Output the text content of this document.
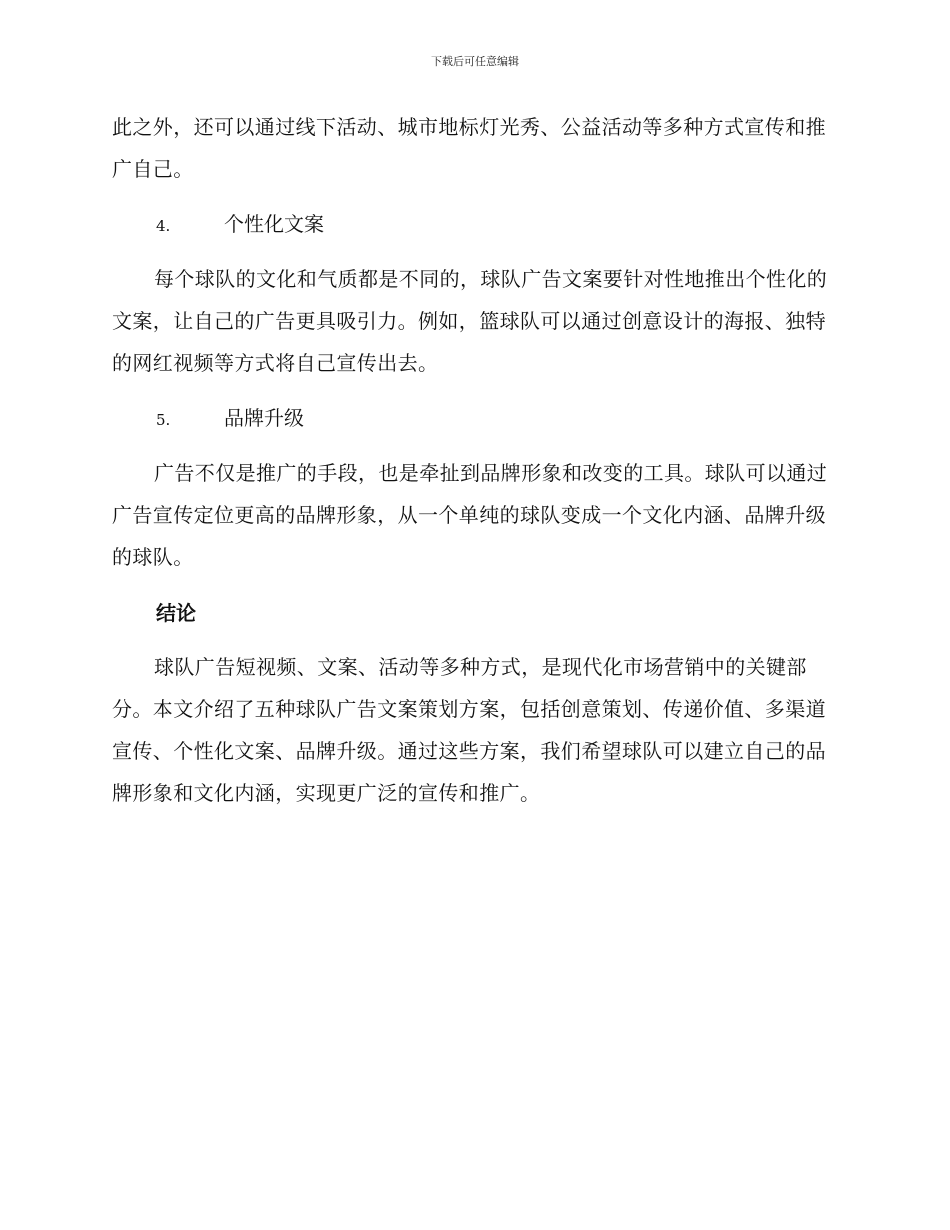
下载后可任意编辑

此之外，还可以通过线下活动、城市地标灯光秀、公益活动等多种方式宣传和推广自己。

4.	个性化文案

每个球队的文化和气质都是不同的，球队广告文案要针对性地推出个性化的文案，让自己的广告更具吸引力。例如，篮球队可以通过创意设计的海报、独特的网红视频等方式将自己宣传出去。

5.	品牌升级

广告不仅是推广的手段，也是牵扯到品牌形象和改变的工具。球队可以通过广告宣传定位更高的品牌形象，从一个单纯的球队变成一个文化内涵、品牌升级的球队。

结论

球队广告短视频、文案、活动等多种方式，是现代化市场营销中的关键部分。本文介绍了五种球队广告文案策划方案，包括创意策划、传递价值、多渠道宣传、个性化文案、品牌升级。通过这些方案，我们希望球队可以建立自己的品牌形象和文化内涵，实现更广泛的宣传和推广。
